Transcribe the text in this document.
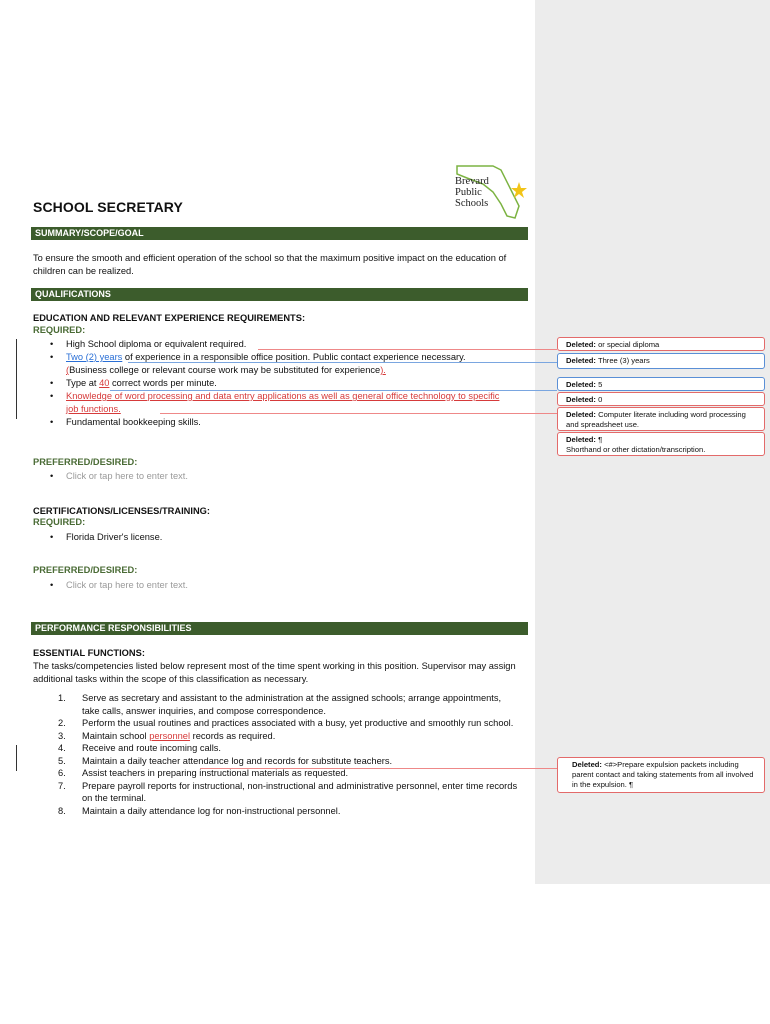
Brevard
Public
Schools
SCHOOL SECRETARY
SUMMARY/SCOPE/GOAL
To ensure the smooth and efficient operation of the school so that the maximum positive impact on the education of children can be realized.
QUALIFICATIONS
EDUCATION AND RELEVANT EXPERIENCE REQUIREMENTS:
REQUIRED:
• High School diploma or equivalent required.
• Two (2) years of experience in a responsible office position. Public contact experience necessary.
(Business college or relevant course work may be substituted for experience).
• Type at 40 correct words per minute.
• Knowledge of word processing and data entry applications as well as general office technology to specific job functions.
• Fundamental bookkeeping skills.
PREFERRED/DESIRED:
• Click or tap here to enter text.
CERTIFICATIONS/LICENSES/TRAINING:
REQUIRED:
• Florida Driver's license.
PREFERRED/DESIRED:
• Click or tap here to enter text.
PERFORMANCE RESPONSIBILITIES
ESSENTIAL FUNCTIONS:
The tasks/competencies listed below represent most of the time spent working in this position. Supervisor may assign additional tasks within the scope of this classification as necessary.
1. Serve as secretary and assistant to the administration at the assigned schools; arrange appointments, take calls, answer inquiries, and compose correspondence.
2. Perform the usual routines and practices associated with a busy, yet productive and smoothly run school.
3. Maintain school personnel records as required.
4. Receive and route incoming calls.
5. Maintain a daily teacher attendance log and records for substitute teachers.
6. Assist teachers in preparing instructional materials as requested.
7. Prepare payroll reports for instructional, non-instructional and administrative personnel, enter time records on the terminal.
8. Maintain a daily attendance log for non-instructional personnel.
Deleted: or special diploma
Deleted: Three (3) years
Deleted: 5
Deleted: 0
Deleted: Computer literate including word processing and spreadsheet use.
Deleted: ¶
Shorthand or other dictation/transcription.
Deleted: <#>Prepare expulsion packets including parent contact and taking statements from all involved in the expulsion. ¶
